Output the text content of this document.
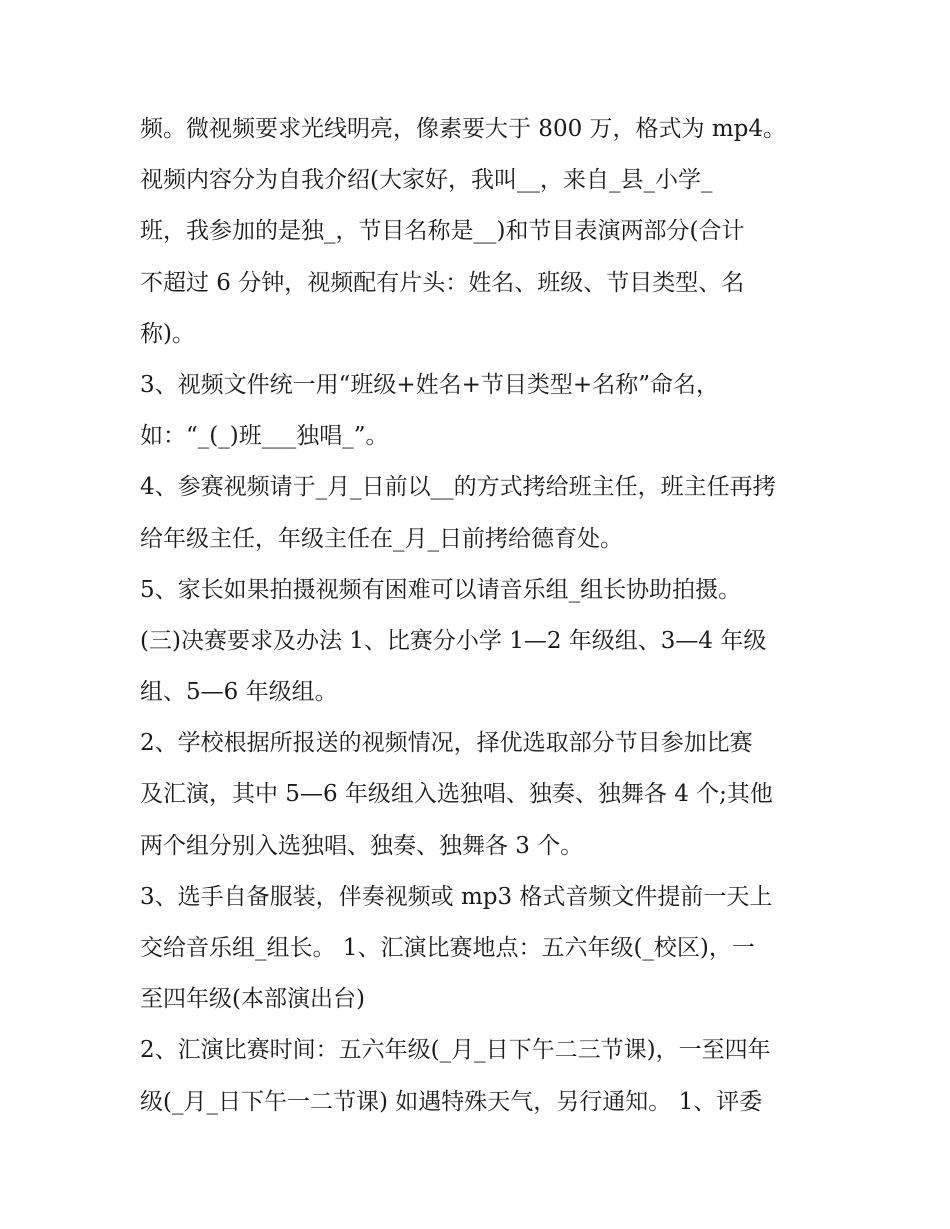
频。微视频要求光线明亮，像素要大于 800 万，格式为 mp4。
视频内容分为自我介绍(大家好，我叫__，来自_县_小学_
班，我参加的是独_，节目名称是__)和节目表演两部分(合计
不超过 6 分钟，视频配有片头：姓名、班级、节目类型、名
称)。
3、视频文件统一用“班级+姓名+节目类型+名称”命名，
如：“_(_)班___独唱_”。
4、参赛视频请于_月_日前以__的方式拷给班主任，班主任再拷
给年级主任，年级主任在_月_日前拷给德育处。
5、家长如果拍摄视频有困难可以请音乐组_组长协助拍摄。
(三)决赛要求及办法 1、比赛分小学 1—2 年级组、3—4 年级
组、5—6 年级组。
2、学校根据所报送的视频情况，择优选取部分节目参加比赛
及汇演，其中 5—6 年级组入选独唱、独奏、独舞各 4 个;其他
两个组分别入选独唱、独奏、独舞各 3 个。
3、选手自备服装，伴奏视频或 mp3 格式音频文件提前一天上
交给音乐组_组长。 1、汇演比赛地点：五六年级(_校区)，一
至四年级(本部演出台)
2、汇演比赛时间：五六年级(_月_日下午二三节课)，一至四年
级(_月_日下午一二节课) 如遇特殊天气，另行通知。 1、评委
